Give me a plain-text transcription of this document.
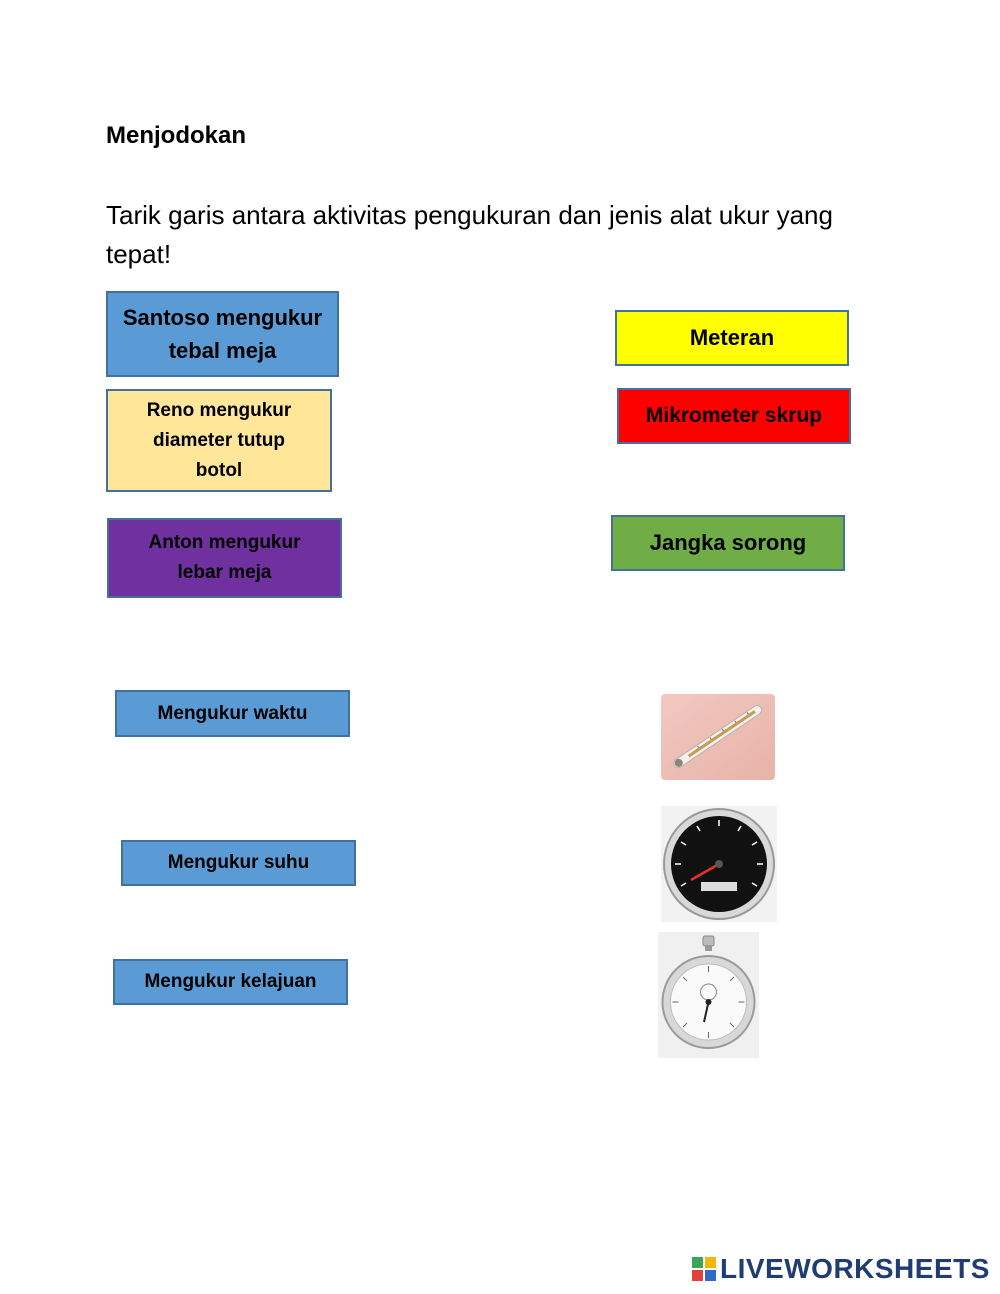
Menjodokan
Tarik garis antara aktivitas pengukuran dan jenis alat ukur yang tepat!
Santoso mengukur tebal meja
Reno mengukur diameter tutup botol
Anton mengukur lebar meja
Meteran
Mikrometer skrup
Jangka sorong
Mengukur waktu
Mengukur suhu
Mengukur kelajuan
LIVEWORKSHEETS
